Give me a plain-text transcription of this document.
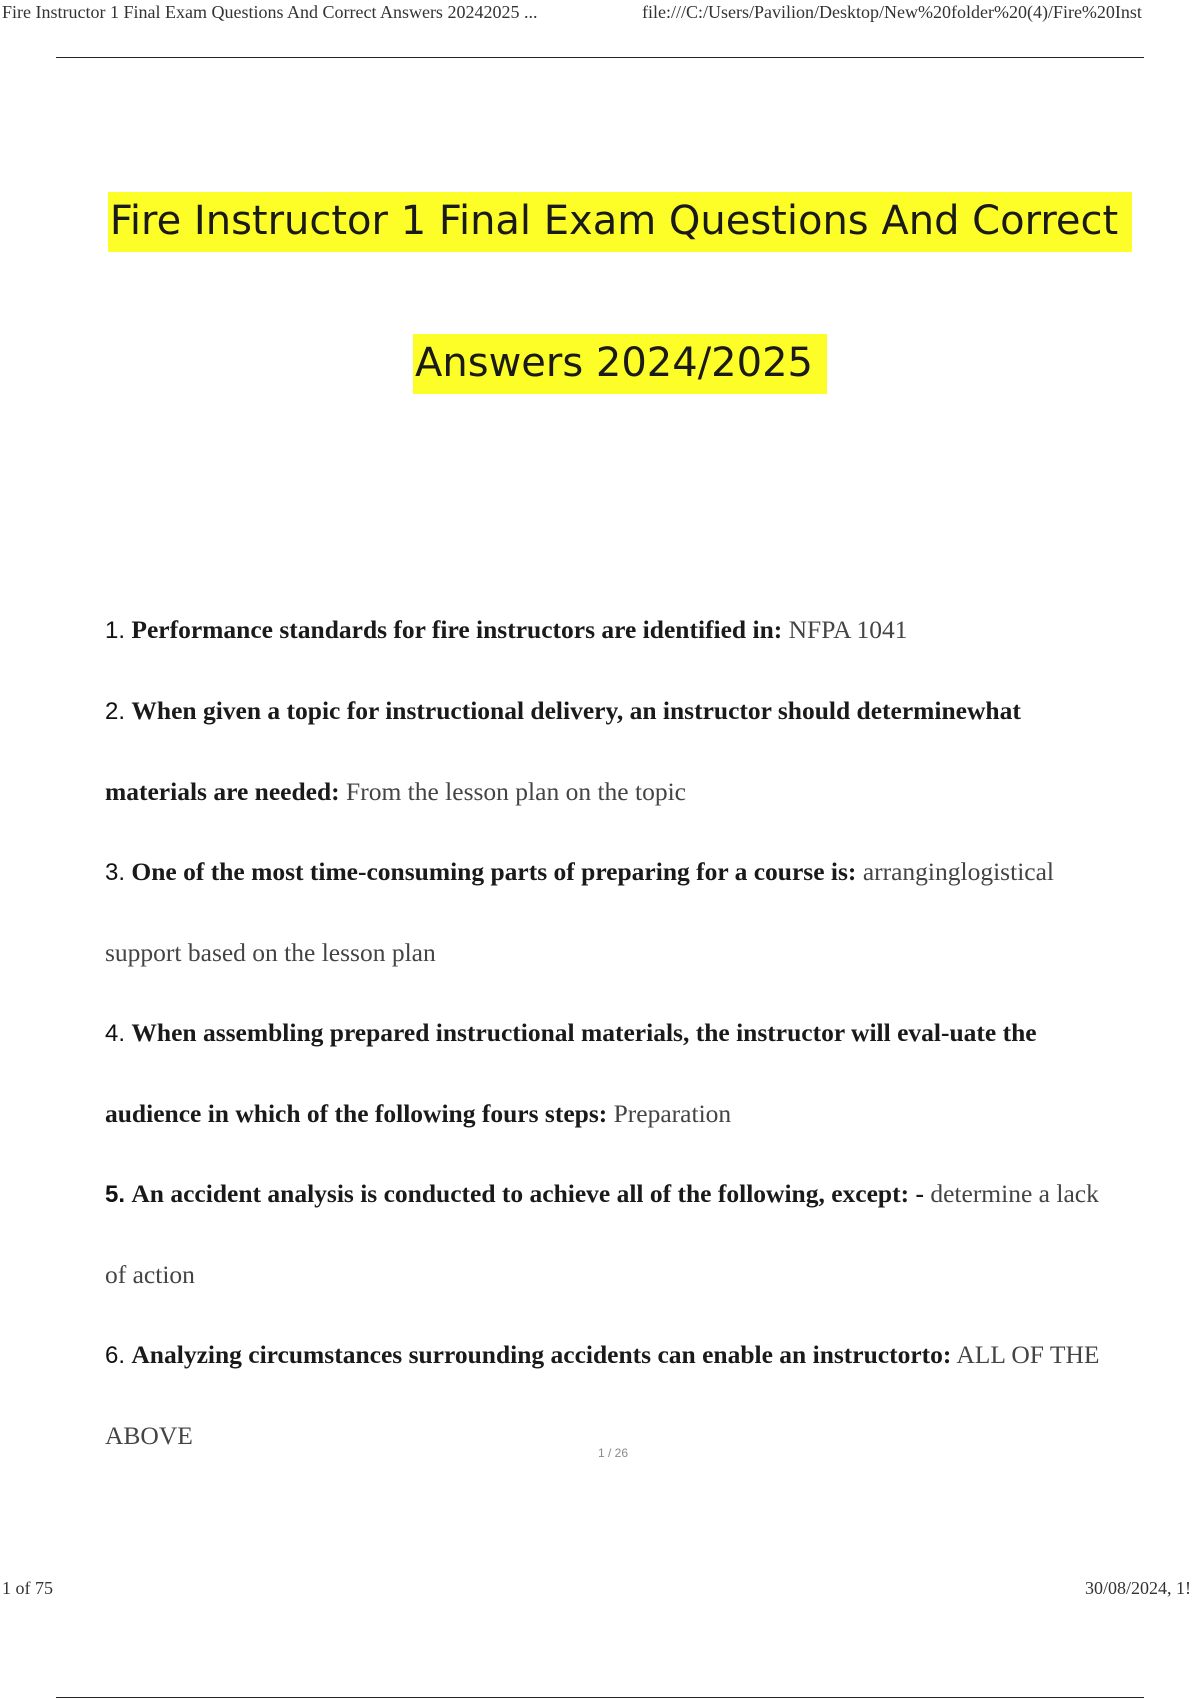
Fire Instructor 1 Final Exam Questions And Correct Answers 20242025 ...	file:///C:/Users/Pavilion/Desktop/New%20folder%20(4)/Fire%20Inst
Fire Instructor 1 Final Exam Questions And Correct
Answers 2024/2025

1. Performance standards for fire instructors are identified in: NFPA 1041

2. When given a topic for instructional delivery, an instructor should determinewhat materials are needed: From the lesson plan on the topic

3. One of the most time-consuming parts of preparing for a course is: arranginglogistical support based on the lesson plan

4. When assembling prepared instructional materials, the instructor will eval-uate the audience in which of the following fours steps: Preparation

5. An accident analysis is conducted to achieve all of the following, except: - determine a lack of action

6. Analyzing circumstances surrounding accidents can enable an instructorto: ALL OF THE ABOVE

1 / 26
1 of 75	30/08/2024, 1!
